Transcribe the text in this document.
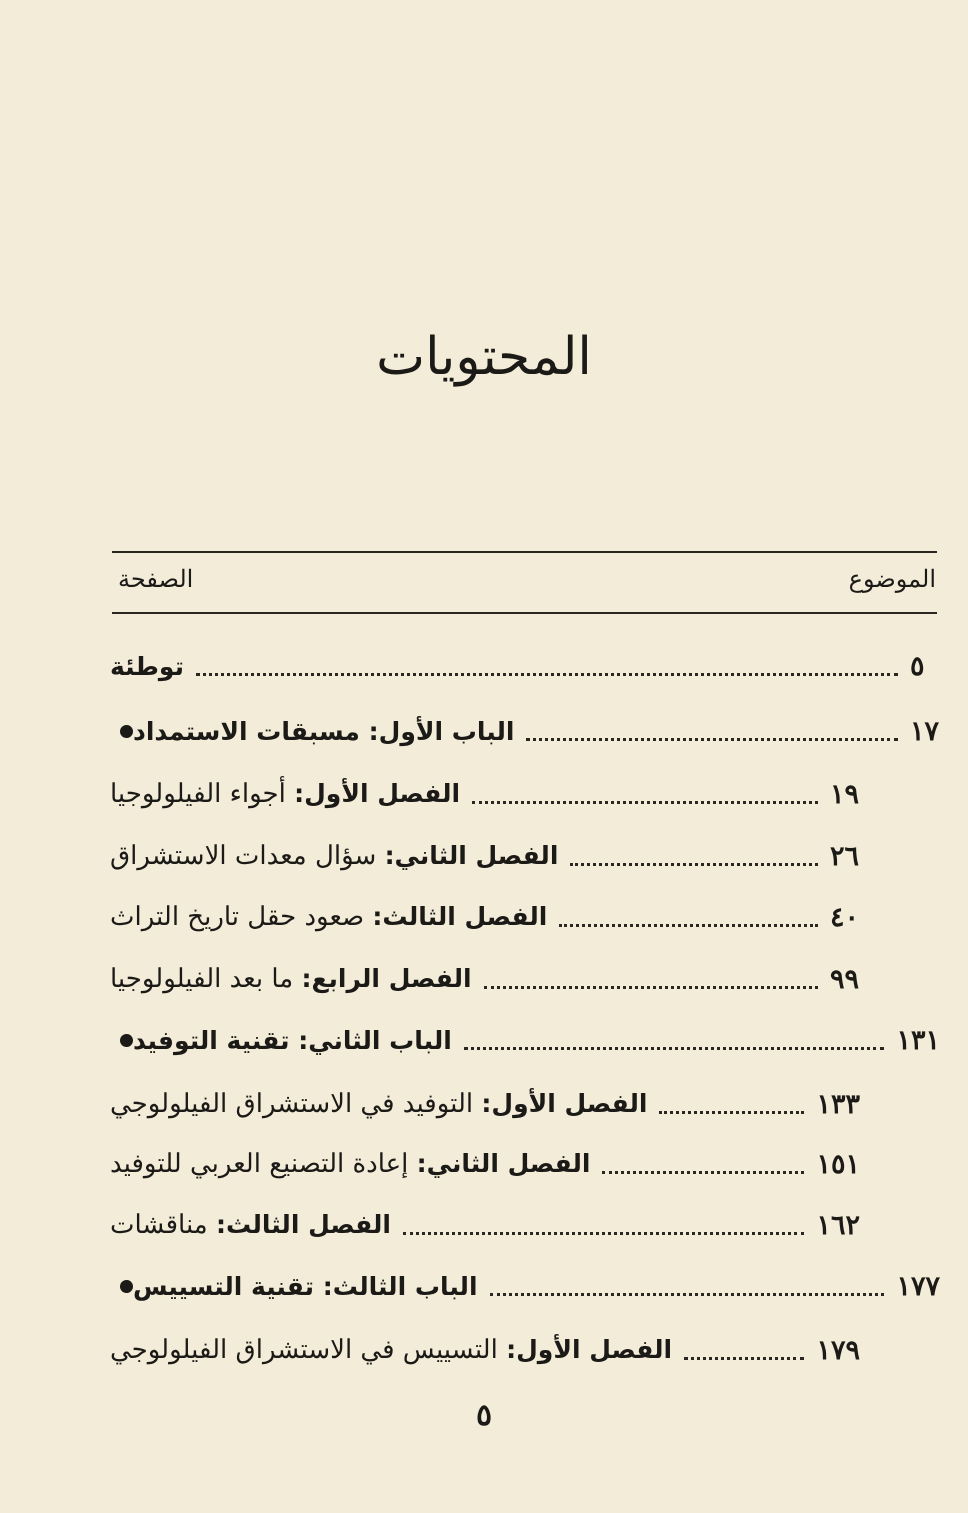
المحتويات
الموضوع
الصفحة
توطئة	٥
الباب الأول: مسبقات الاستمداد	١٧
الفصل الأول: أجواء الفيلولوجيا	١٩
الفصل الثاني: سؤال معدات الاستشراق	٢٦
الفصل الثالث: صعود حقل تاريخ التراث	٤٠
الفصل الرابع: ما بعد الفيلولوجيا	٩٩
الباب الثاني: تقنية التوفيد	١٣١
الفصل الأول: التوفيد في الاستشراق الفيلولوجي	١٣٣
الفصل الثاني: إعادة التصنيع العربي للتوفيد	١٥١
الفصل الثالث: مناقشات	١٦٢
الباب الثالث: تقنية التسييس	١٧٧
الفصل الأول: التسييس في الاستشراق الفيلولوجي	١٧٩
٥
